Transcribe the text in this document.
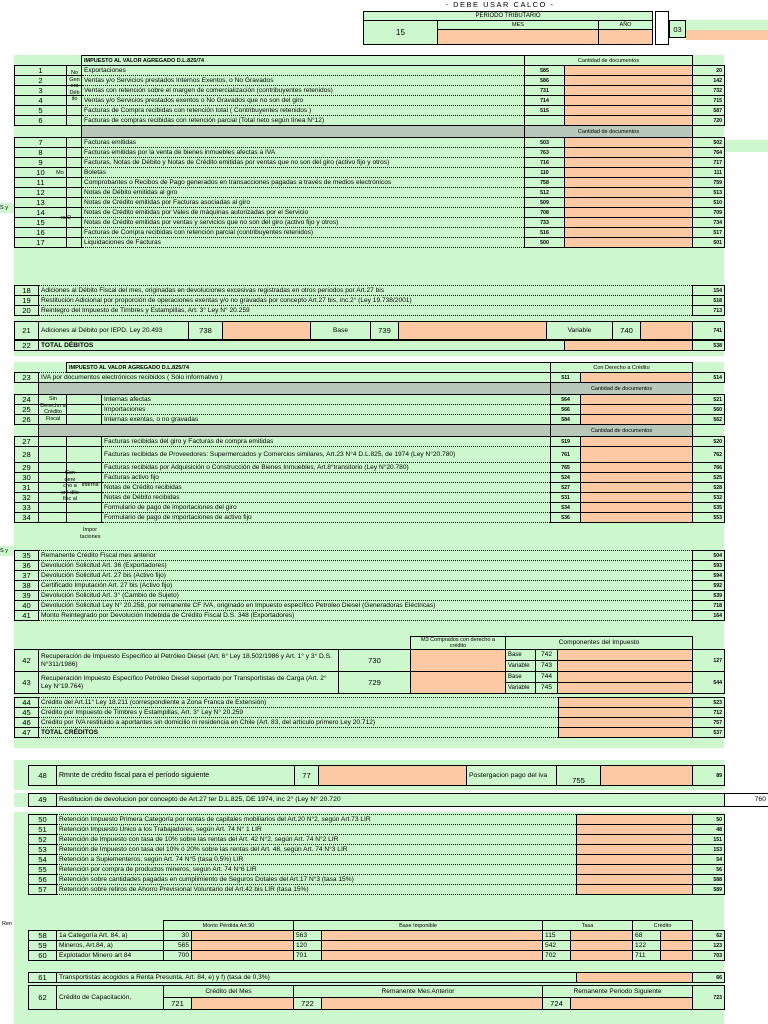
- DEBE USAR CALCO -
PERIODO TRIBUTARIO
15
MES	AÑO	03
S y
		IMPUESTO AL VALOR AGREGADO D.L.825/74	Cantidad de documentos		
1		Exportaciones	585		20
2		Ventas y/o Servicios prestados Internos Exentos, o No Gravados	586		142
3		Ventas con retención sobre el margen de comercialización (contribuyentes retenidos)	731		732
4		Ventas y/o Servicios prestados exentos o No Gravados que no son del giro	714		715
5		Facturas de Compra recibidas con retención total ( Contribuyentes retenidos )	515		587
6		Facturas de compras recibidas con retención parcial (Total neto según línea N°12)			720
			Cantidad de documentos		
7		Facturas emitidas	503		502
8		Facturas emitidas por la venta de bienes inmuebles afectas a IVA	763		764
9		Facturas, Notas de Débito y Notas de Crédito emitidas por ventas que no son del giro (activo fijo y otros)	716		717
10		Boletas	110		111
11		Comprobantes o Recibos de Pago generados en transacciones pagadas a través de medios electrónicos	758		759
12		Notas de Débito emitidas al giro	512		513
13		Notas de Crédito emitidas por Facturas asociadas al giro	509		510
14		Notas de Crédito emitidas por Vales de máquinas autorizadas por el Servicio	708		709
15		Notas de Crédito emitidas por ventas y servicios que no son del giro (activo fijo y otros)	733		734
16		Facturas de Compra recibidas con retención parcial (contribuyentes retenidos)	516		517
17		Liquidaciones de Facturas	500		501
No Gen era Déb ito
Mo
ra D
18	Adiciones al Débito Fiscal del mes, originadas en devoluciones excesivas registradas en otros períodos por Art.27 bis	154
19	Restitución Adicional por proporción de operaciones exentas y/o no gravadas por concepto Art.27 bis, inc.2° (Ley 19.738/2001)	518
20	Reintegro del Impuesto de Timbres y Estampillas, Art. 3° Ley N° 20.259	713
21	Adiciones al Débito por IEPD. Ley 20.493	738		Base	739		Variable	740		741
22	TOTAL DÉBITOS		538
S y
		IMPUESTO AL VALOR AGREGADO D.L.825/74		Con Derecho a Crédito		
23	IVA por documentos electrónicos recibidos ( Sólo informativo )			511		514
				Cantidad de documentos		
24			Internas afectas	564		521
25			Importaciones	566		560
26			Internas exentas, o no gravadas	584		562
				Cantidad de documentos		
27			Facturas recibidas del giro y Facturas de compra emitidas	519		520
28			Facturas recibidas de Proveedores: Supermercados y Comercios similares, Art.23 N°4 D.L.825, de 1974 (Ley N°20.780)	761		762
29			Facturas recibidas por Adquisición o Construcción de Bienes Inmuebles, Art.8°transitorio (Ley N°20.780)	765		766
30			Facturas activo fijo	524		525
31			Notas de Crédito recibidas	527		528
32			Notas de Débito recibidas	531		532
33			Formulario de pago de importaciones del giro	534		535
34			Formulario de pago de importaciones de activo fijo	536		553
Sin Derecho a Crédito Fiscal
Con dere cho a cré dito fisc al
Interna
Impor taciones
35	Remanente Crédito Fiscal mes anterior	504
36	Devolución Solicitud Art. 36 (Exportadores)	593
37	Devolución Solicitud Art. 27 bis (Activo fijo)	594
38	Certificado Imputación Art. 27 bis (Activo fijo)	592
39	Devolución Solicitud Art. 3° (Cambio de Sujeto)	539
40	Devolución Solicitud Ley N° 20.258, por remanente CF IVA, originado en Impuesto específico Petroleo Diesel (Generadoras Eléctricas)	718
41	Monto Reintegrado por Devolución Indebida de Crédito Fiscal D.S. 348 (Exportadores)	164
			M3 Comprados con derecho a crédito	Componentes del Impuesto			
42	Recuperación de Impuesto Específico al Petróleo Diesel (Art. 6° Ley 18.502/1986 y Art. 1° y 3° D.S. N°311/1986)	730		Base	742		127
				Variable	743		
43	Recuperación Impuesto Específico Petróleo Diesel soportado por Transportistas de Carga (Art. 2° Ley N°19.764)	729		Base	744		544
				Variable	745		
44	Crédito del Art.11° Ley 18.211 (correspondiente a Zona Franca de Extensión)		523
45	Crédito por Impuesto de Timbres y Estampillas, Art. 3° Ley N° 20.259		712
46	Crédito por IVA restituido a aportantes sin domicilio ni residencia en Chile (Art. 83, del artículo primero Ley 20.712)		757
47	TOTAL CRÉDITOS		537
48	Rmnte de crédito fiscal para el período siguiente	77		Postergacion pago del iva	755		89
49	Restitucion de devolucion por concepto de Art.27 ter D.L.825, DE 1974, inc 2° (Ley N° 20.720	760
Ren
50	Retención Impuesto Primera Categoría por rentas de capitales mobiliarios del Art.20 N°2, según Art.73 LIR		50
51	Retención Impuesto Único a los Trabajadores, según Art. 74 N° 1 LIR		48
52	Retención de Impuesto con tasa de 10% sobre las rentas del Art. 42 N°2, según Art. 74 N°2 LIR		151
53	Retención de Impuesto con tasa del 10% ó 20% sobre las rentas del Art. 48, según Art. 74 N°3 LIR		153
54	Retención a Suplementeros, según Art. 74 N°5 (tasa 0,5%) LIR		54
55	Retención por compra de productos mineros, según Art. 74 N°6 LIR		56
56	Retención sobre cantidades pagadas en cumplimiento de Seguros Dotales del Art.17 N°3 (tasa 15%)		588
57	Retención sobre retiros de Ahorro Previsional Voluntario del Art.42 bis LIR (tasa 15%)		589
		Monto Pérdida Art.90		Base Imponible		Tasa		Crédito		
58	1a Categoría Art. 84, a)	30		563		115		68		62
59	Mineros, Art.84, a)	565		120		542		122		123
60	Explotador Minero art 84	700		701		702		711		703
61	Transportistas acogidos a Renta Presunta, Art. 84, e) y f) (tasa de 0,3%)		66
62	Crédito de Capacitación,	Crédito del Mes		Remanente Mes Anterior		Remanente Periodo Siguiente		723
		721		722		724		
